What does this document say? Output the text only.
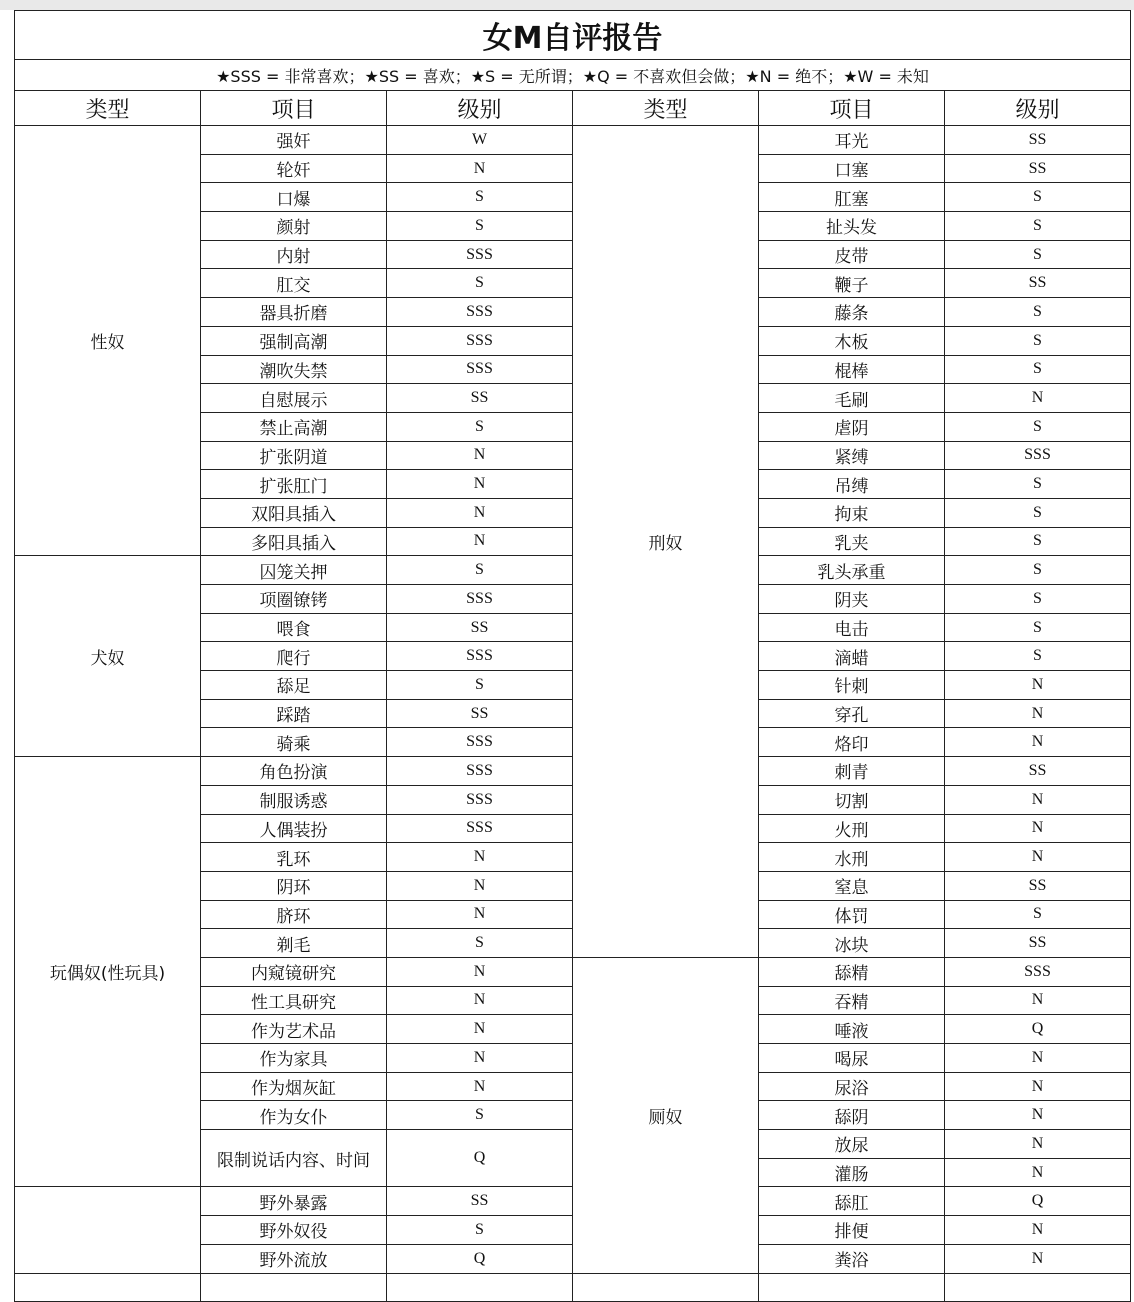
女M自评报告					
★SSS = 非常喜欢；★SS = 喜欢；★S = 无所谓；★Q = 不喜欢但会做；★N = 绝不；★W = 未知					
类型	项目	级别	类型	项目	级别
性奴	强奸	W	刑奴	耳光	SS
	轮奸	N		口塞	SS
	口爆	S		肛塞	S
	颜射	S		扯头发	S
	内射	SSS		皮带	S
	肛交	S		鞭子	SS
	器具折磨	SSS		藤条	S
	强制高潮	SSS		木板	S
	潮吹失禁	SSS		棍棒	S
	自慰展示	SS		毛刷	N
	禁止高潮	S		虐阴	S
	扩张阴道	N		紧缚	SSS
	扩张肛门	N		吊缚	S
	双阳具插入	N		拘束	S
	多阳具插入	N		乳夹	S
犬奴	囚笼关押	S		乳头承重	S
	项圈镣铐	SSS		阴夹	S
	喂食	SS		电击	S
	爬行	SSS		滴蜡	S
	舔足	S		针刺	N
	踩踏	SS		穿孔	N
	骑乘	SSS		烙印	N
玩偶奴(性玩具)	角色扮演	SSS		刺青	SS
	制服诱惑	SSS		切割	N
	人偶装扮	SSS		火刑	N
	乳环	N		水刑	N
	阴环	N		窒息	SS
	脐环	N		体罚	S
	剃毛	S		冰块	SS
	内窥镜研究	N	厕奴	舔精	SSS
	性工具研究	N		吞精	N
	作为艺术品	N		唾液	Q
	作为家具	N		喝尿	N
	作为烟灰缸	N		尿浴	N
	作为女仆	S		舔阴	N
	限制说话内容、时间	Q		放尿	N
				灌肠	N
	野外暴露	SS		舔肛	Q
	野外奴役	S		排便	N
	野外流放	Q		粪浴	N
